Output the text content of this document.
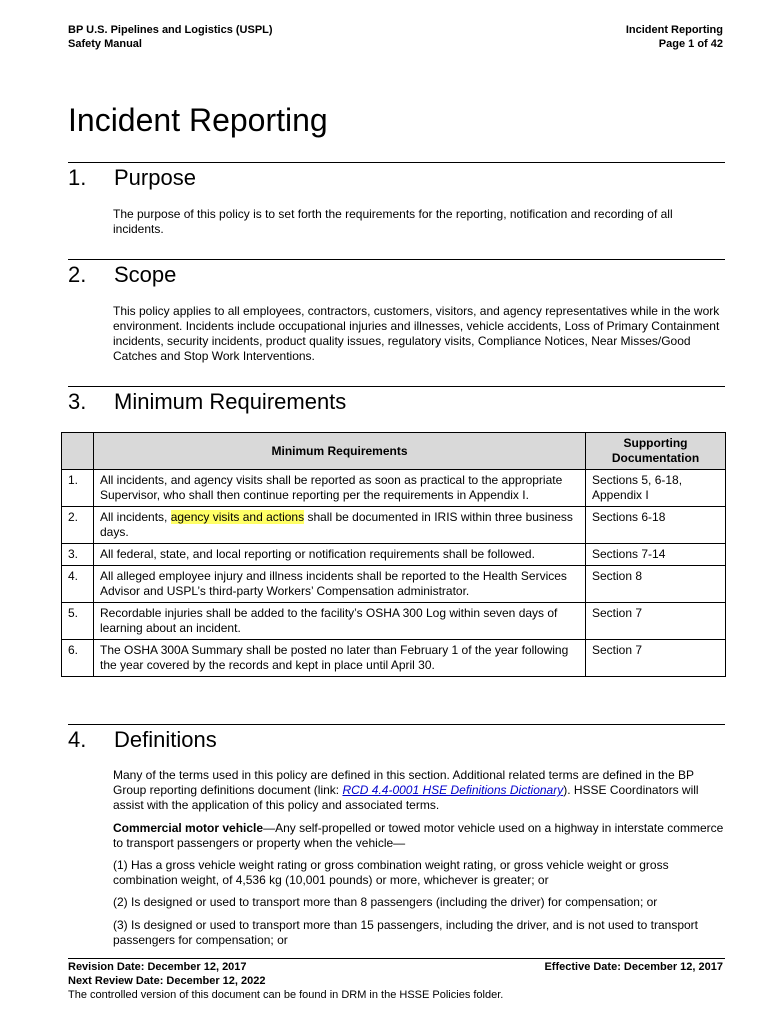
BP U.S. Pipelines and Logistics (USPL)
Safety Manual
Incident Reporting
Page 1 of 42
Incident Reporting
1. Purpose

The purpose of this policy is to set forth the requirements for the reporting, notification and recording of all incidents.

2. Scope

This policy applies to all employees, contractors, customers, visitors, and agency representatives while in the work environment. Incidents include occupational injuries and illnesses, vehicle accidents, Loss of Primary Containment incidents, security incidents, product quality issues, regulatory visits, Compliance Notices, Near Misses/Good Catches and Stop Work Interventions.

3. Minimum Requirements
	Minimum Requirements	Supporting Documentation
1.	All incidents, and agency visits shall be reported as soon as practical to the appropriate Supervisor, who shall then continue reporting per the requirements in Appendix I.	Sections 5, 6-18, Appendix I
2.	All incidents, agency visits and actions shall be documented in IRIS within three business days.	Sections 6-18
3.	All federal, state, and local reporting or notification requirements shall be followed.	Sections 7-14
4.	All alleged employee injury and illness incidents shall be reported to the Health Services Advisor and USPL’s third-party Workers’ Compensation administrator.	Section 8
5.	Recordable injuries shall be added to the facility’s OSHA 300 Log within seven days of learning about an incident.	Section 7
6.	The OSHA 300A Summary shall be posted no later than February 1 of the year following the year covered by the records and kept in place until April 30.	Section 7
4. Definitions

Many of the terms used in this policy are defined in this section. Additional related terms are defined in the BP Group reporting definitions document (link: RCD 4.4-0001 HSE Definitions Dictionary). HSSE Coordinators will assist with the application of this policy and associated terms.

Commercial motor vehicle—Any self-propelled or towed motor vehicle used on a highway in interstate commerce to transport passengers or property when the vehicle—

(1) Has a gross vehicle weight rating or gross combination weight rating, or gross vehicle weight or gross combination weight, of 4,536 kg (10,001 pounds) or more, whichever is greater; or

(2) Is designed or used to transport more than 8 passengers (including the driver) for compensation; or

(3) Is designed or used to transport more than 15 passengers, including the driver, and is not used to transport passengers for compensation; or

Revision Date: December 12, 2017	Effective Date: December 12, 2017
Next Review Date: December 12, 2022
The controlled version of this document can be found in DRM in the HSSE Policies folder.
